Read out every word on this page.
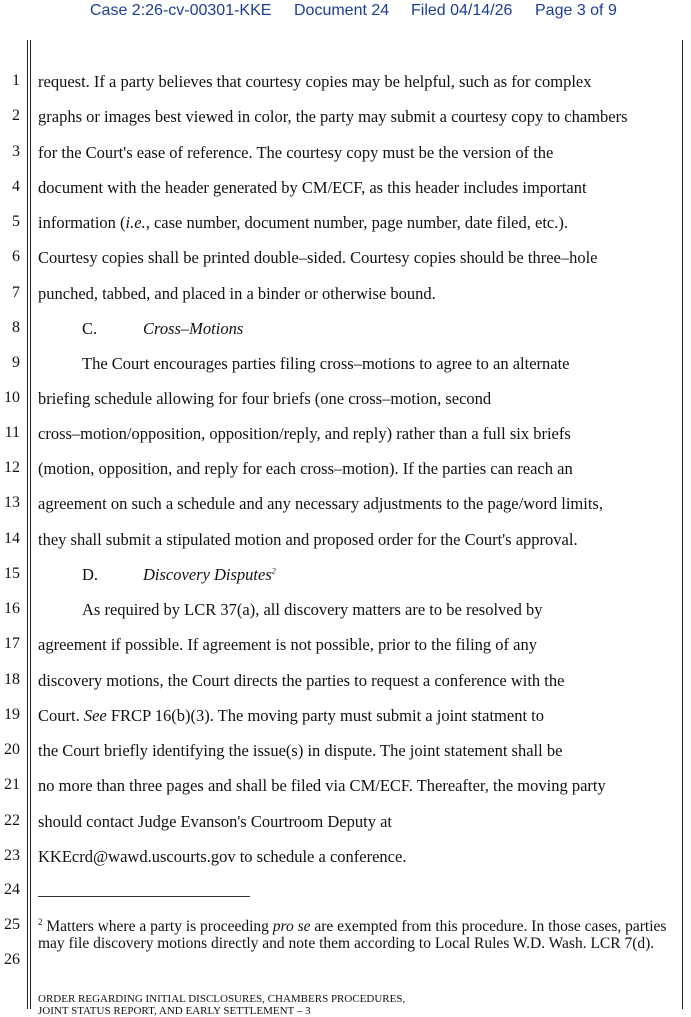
Case 2:26-cv-00301-KKE Document 24 Filed 04/14/26 Page 3 of 9
1
2
3
4
5
6
7
8
9
10
11
12
13
14
15
16
17
18
19
20
21
22
23
24
25
26
request. If a party believes that courtesy copies may be helpful, such as for complex
graphs or images best viewed in color, the party may submit a courtesy copy to chambers
for the Court's ease of reference. The courtesy copy must be the version of the
document with the header generated by CM/ECF, as this header includes important
information (i.e., case number, document number, page number, date filed, etc.).
Courtesy copies shall be printed double–sided. Courtesy copies should be three–hole
punched, tabbed, and placed in a binder or otherwise bound.
C.	Cross–Motions
The Court encourages parties filing cross–motions to agree to an alternate
briefing schedule allowing for four briefs (one cross–motion, second
cross–motion/opposition, opposition/reply, and reply) rather than a full six briefs
(motion, opposition, and reply for each cross–motion). If the parties can reach an
agreement on such a schedule and any necessary adjustments to the page/word limits,
they shall submit a stipulated motion and proposed order for the Court's approval.
D.	Discovery Disputes$^2$
As required by LCR 37(a), all discovery matters are to be resolved by
agreement if possible. If agreement is not possible, prior to the filing of any
discovery motions, the Court directs the parties to request a conference with the
Court. See FRCP 16(b)(3). The moving party must submit a joint statment to
the Court briefly identifying the issue(s) in dispute. The joint statement shall be
no more than three pages and shall be filed via CM/ECF. Thereafter, the moving party
should contact Judge Evanson's Courtroom Deputy at
KKEcrd@wawd.uscourts.gov to schedule a conference.
$^2$ Matters where a party is proceeding pro se are exempted from this procedure. In those cases, parties may file discovery motions directly and note them according to Local Rules W.D. Wash. LCR 7(d).
ORDER REGARDING INITIAL DISCLOSURES, CHAMBERS PROCEDURES,
JOINT STATUS REPORT, AND EARLY SETTLEMENT – 3
